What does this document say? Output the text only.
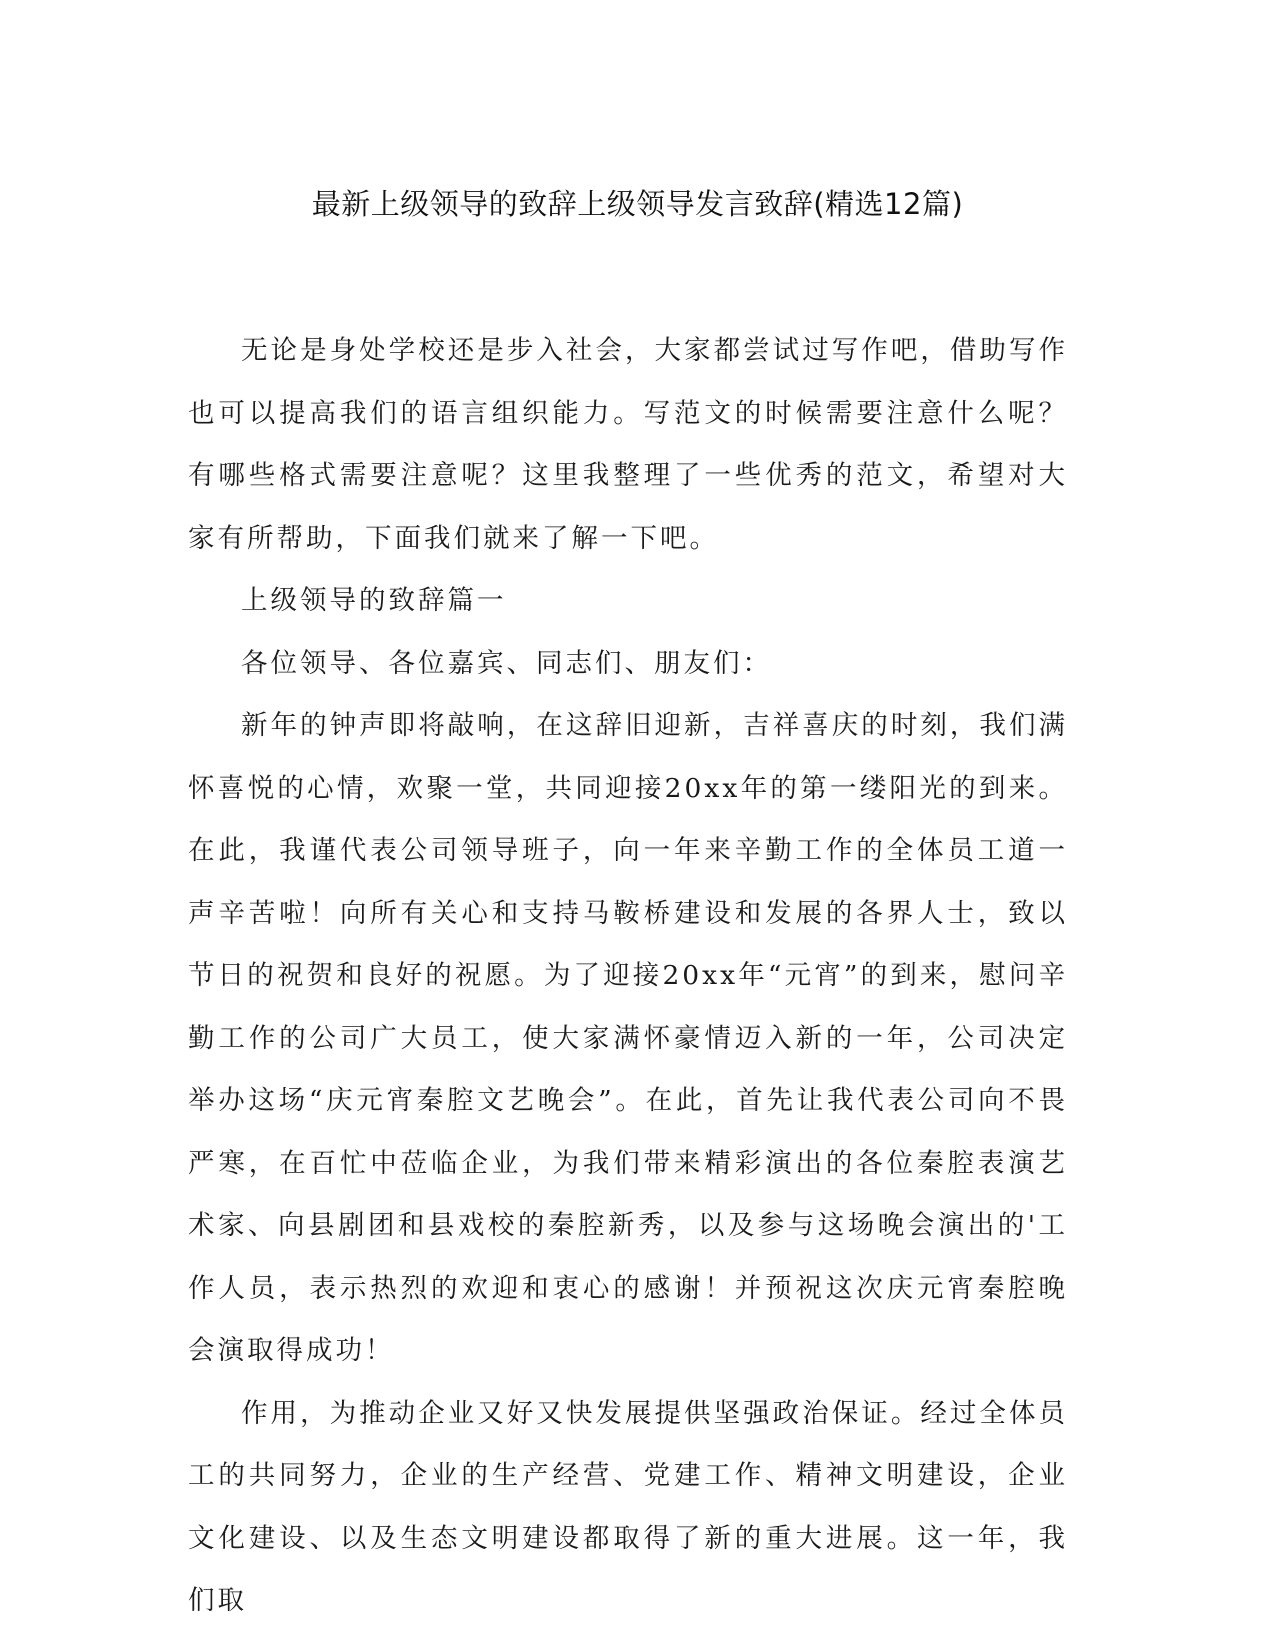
最新上级领导的致辞上级领导发言致辞(精选12篇)

无论是身处学校还是步入社会，大家都尝试过写作吧，借助写作也可以提高我们的语言组织能力。写范文的时候需要注意什么呢？有哪些格式需要注意呢？这里我整理了一些优秀的范文，希望对大家有所帮助，下面我们就来了解一下吧。

上级领导的致辞篇一

各位领导、各位嘉宾、同志们、朋友们：

新年的钟声即将敲响，在这辞旧迎新，吉祥喜庆的时刻，我们满怀喜悦的心情，欢聚一堂，共同迎接20xx年的第一缕阳光的到来。在此，我谨代表公司领导班子，向一年来辛勤工作的全体员工道一声辛苦啦！向所有关心和支持马鞍桥建设和发展的各界人士，致以节日的祝贺和良好的祝愿。为了迎接20xx年“元宵”的到来，慰问辛勤工作的公司广大员工，使大家满怀豪情迈入新的一年，公司决定举办这场“庆元宵秦腔文艺晚会”。在此，首先让我代表公司向不畏严寒，在百忙中莅临企业，为我们带来精彩演出的各位秦腔表演艺术家、向县剧团和县戏校的秦腔新秀，以及参与这场晚会演出的'工作人员，表示热烈的欢迎和衷心的感谢！并预祝这次庆元宵秦腔晚会演取得成功！

作用，为推动企业又好又快发展提供坚强政治保证。经过全体员工的共同努力，企业的生产经营、党建工作、精神文明建设，企业文化建设、以及生态文明建设都取得了新的重大进展。这一年，我们取
